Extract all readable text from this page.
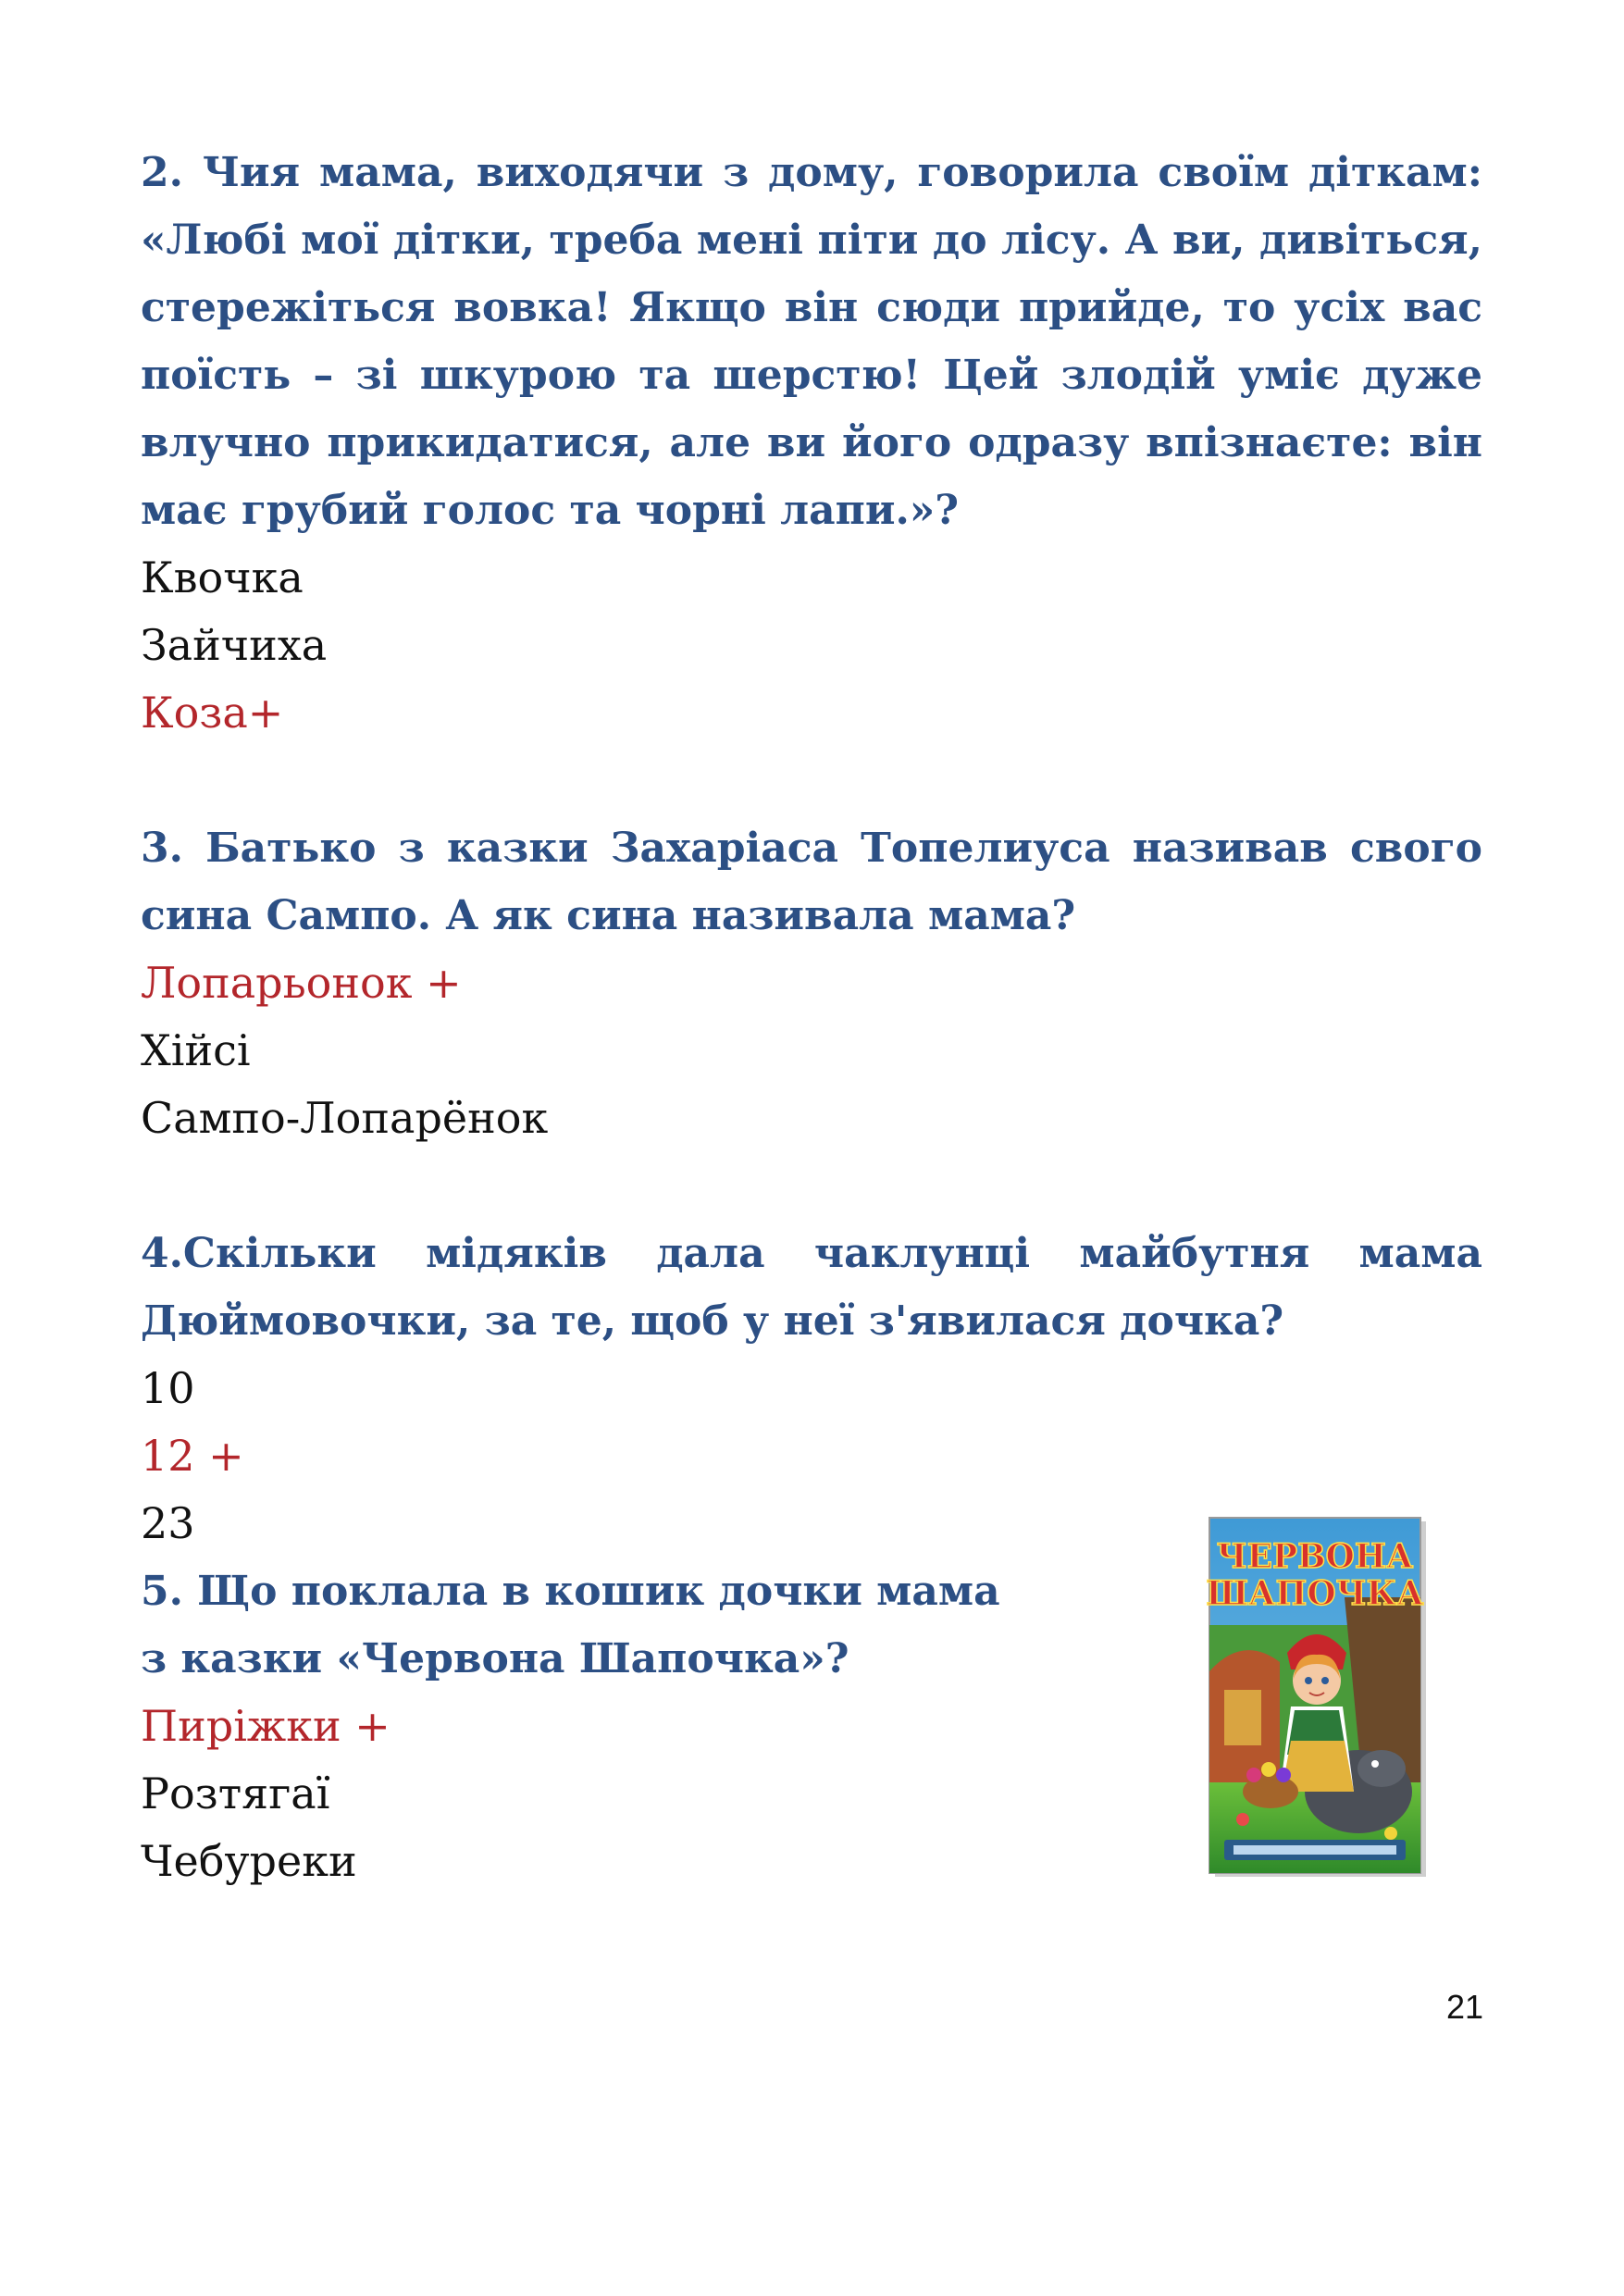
2. Чия мама, виходячи з дому, говорила своїм діткам: «Любі мої дітки, треба мені піти до лісу. А ви, дивіться, стережіться вовка! Якщо він сюди прийде, то усіх вас поїсть – зі шкурою та шерстю! Цей злодій уміє дуже влучно прикидатися, але ви його одразу впізнаєте: він має грубий голос та чорні лапи.»?

Квочка

Зайчиха

Коза+

3. Батько з казки Захаріаса Топелиуса називав свого сина Сампо. А як сина називала мама?

Лопарьонок +

Хійсі

Сампо-Лопарёнок

4.Скільки мідяків дала чаклунці майбутня мама Дюймовочки, за те, щоб у неї з'явилася дочка?

10

12 +

23

5. Що поклала в кошик дочки мама з казки «Червона Шапочка»?

Пиріжки +

Розтягаї

Чебуреки

ЧЕРВОНА
ШАПОЧКА
21
